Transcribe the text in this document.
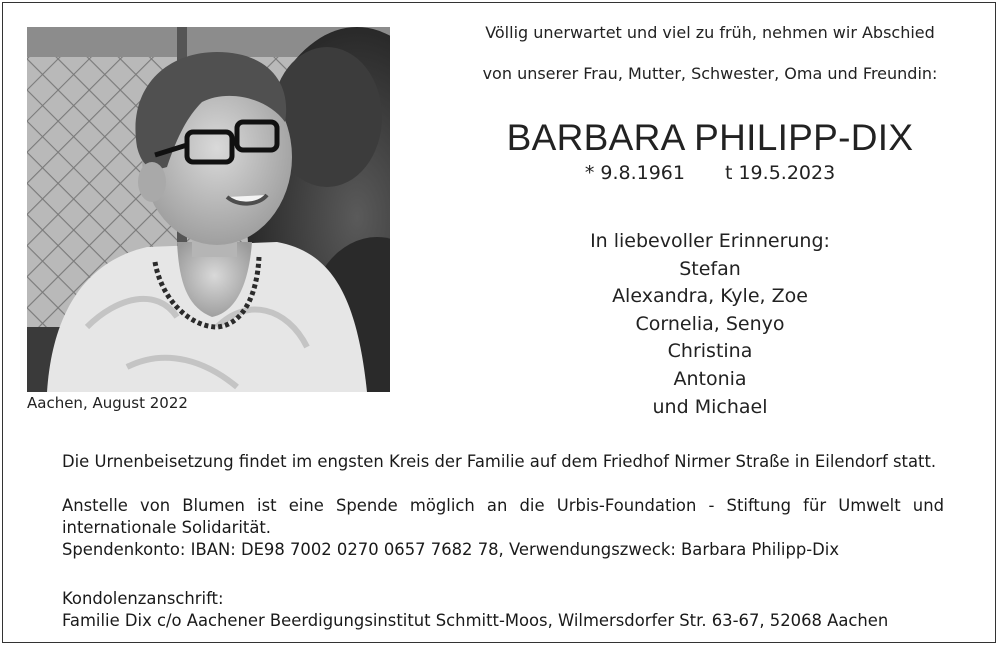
Aachen, August 2022
Völlig unerwartet und viel zu früh, nehmen wir Abschied
von unserer Frau, Mutter, Schwester, Oma und Freundin:
BARBARA PHILIPP-DIX
* 9.8.1961 t 19.5.2023
In liebevoller Erinnerung:
Stefan
Alexandra, Kyle, Zoe
Cornelia, Senyo
Christina
Antonia
und Michael
Die Urnenbeisetzung findet im engsten Kreis der Familie auf dem Friedhof Nirmer Straße in Eilendorf statt.
Anstelle von Blumen ist eine Spende möglich an die Urbis-Foundation - Stiftung für Umwelt und
internationale Solidarität.
Spendenkonto: IBAN: DE98 7002 0270 0657 7682 78, Verwendungszweck: Barbara Philipp-Dix
Kondolenzanschrift:
Familie Dix c/o Aachener Beerdigungsinstitut Schmitt-Moos, Wilmersdorfer Str. 63-67, 52068 Aachen
